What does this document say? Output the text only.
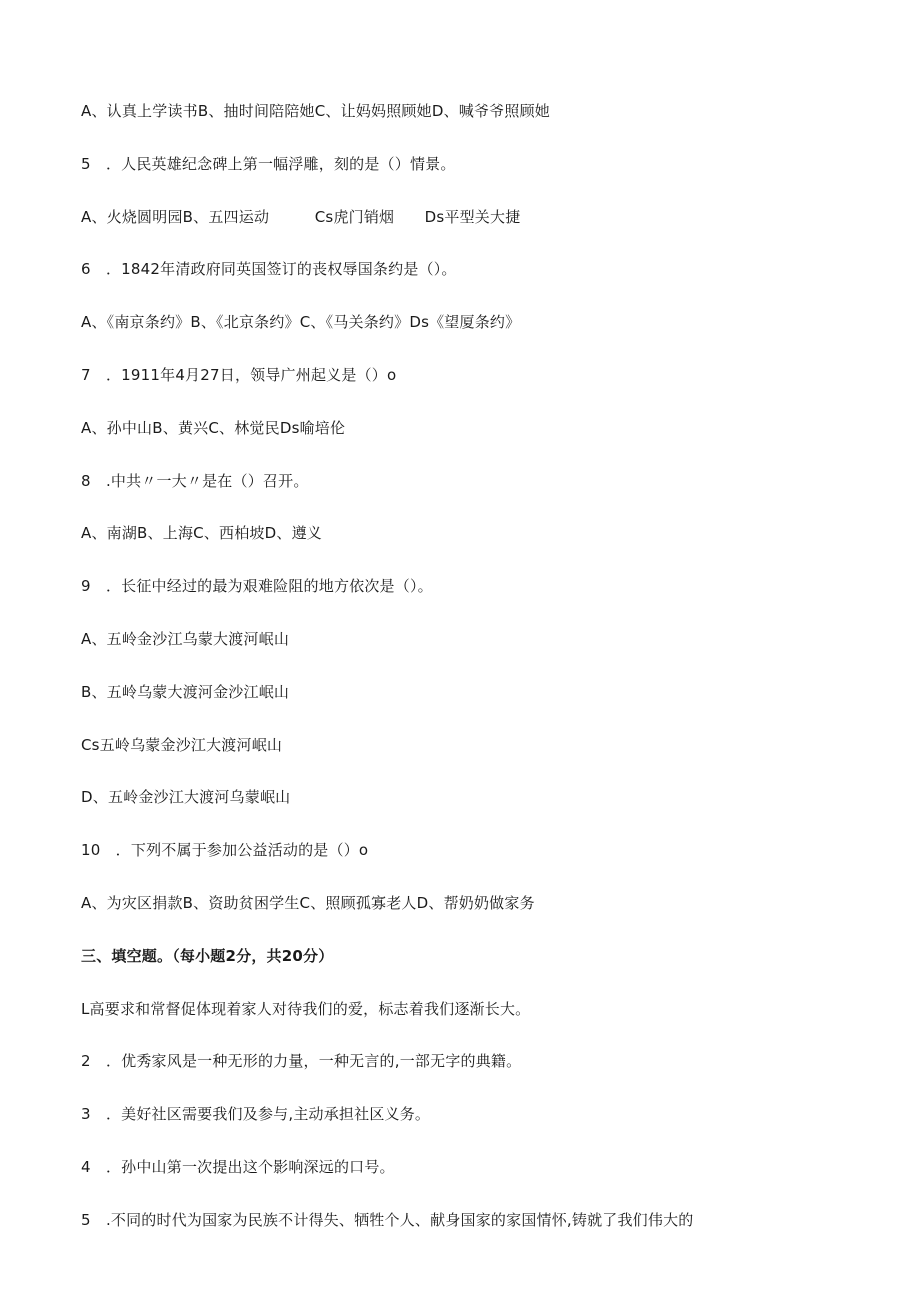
A、认真上学读书B、抽时间陪陪她C、让妈妈照顾她D、喊爷爷照顾她
5　．人民英雄纪念碑上第一幅浮雕，刻的是（）情景。
A、火烧圆明园B、五四运动　　　Cs虎门销烟　　Ds平型关大捷
6　．1842年清政府同英国签订的丧权辱国条约是（）。
A、《南京条约》B、《北京条约》C、《马关条约》Ds《望厦条约》
7　．1911年4月27日，领导广州起义是（）o
A、孙中山B、黄兴C、林觉民Ds喻培伦
8　.中共〃一大〃是在（）召开。
A、南湖B、上海C、西柏坡D、遵义
9　．长征中经过的最为艰难险阻的地方依次是（）。
A、五岭金沙江乌蒙大渡河岷山
B、五岭乌蒙大渡河金沙江岷山
Cs五岭乌蒙金沙江大渡河岷山
D、五岭金沙江大渡河乌蒙岷山
10　．下列不属于参加公益活动的是（）o
A、为灾区捐款B、资助贫困学生C、照顾孤寡老人D、帮奶奶做家务
三、填空题。（每小题2分，共20分）
L高要求和常督促体现着家人对待我们的爱，标志着我们逐渐长大。
2　．优秀家风是一种无形的力量，一种无言的,一部无字的典籍。
3　．美好社区需要我们及参与,主动承担社区义务。
4　．孙中山第一次提出这个影响深远的口号。
5　.不同的时代为国家为民族不计得失、牺牲个人、献身国家的家国情怀,铸就了我们伟大的
